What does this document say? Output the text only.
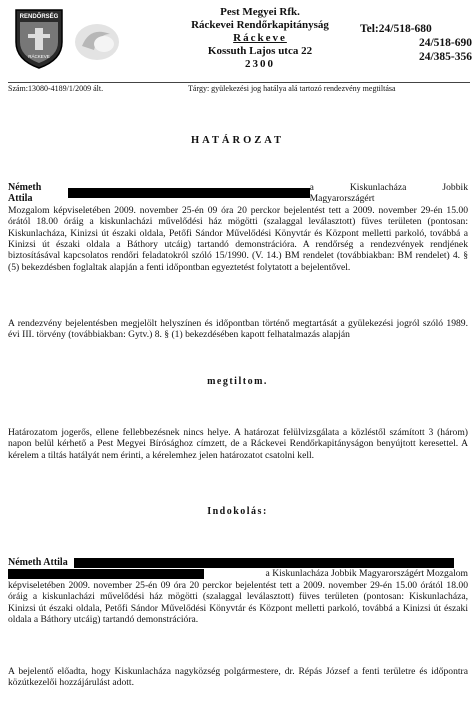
RENDŐRSÉG
RÁCKEVE
Pest Megyei Rfk.
Ráckevei Rendőrkapitányság
Ráckeve
Kossuth Lajos utca 22
2300
Tel:24/518-680
24/518-690
24/385-356
Szám:13080-4189/1/2009 ált.	Tárgy: gyülekezési jog hatálya alá tartozó rendezvény megtiltása
HATÁROZAT
Németh Attila
a Kiskunlacháza Jobbik Magyarországért
Mozgalom képviseletében 2009. november 25-én 09 óra 20 perckor bejelentést tett a 2009. november 29-én 15.00 órától 18.00 óráig a kiskunlacházi művelődési ház mögötti (szalaggal leválasztott) füves területen (pontosan: Kiskunlacháza, Kinizsi út északi oldala, Petőfi Sándor Művelődési Könyvtár és Központ melletti parkoló, továbbá a Kinizsi út északi oldala a Báthory utcáig) tartandó demonstrációra. A rendőrség a rendezvények rendjének biztosításával kapcsolatos rendőri feladatokról szóló 15/1990. (V. 14.) BM rendelet (továbbiakban: BM rendelet) 4. § (5) bekezdésben foglaltak alapján a fenti időpontban egyeztetést folytatott a bejelentővel.
A rendezvény bejelentésben megjelölt helyszínen és időpontban történő megtartását a gyülekezési jogról szóló 1989. évi III. törvény (továbbiakban: Gytv.) 8. § (1) bekezdésében kapott felhatalmazás alapján
megtiltom.
Határozatom jogerős, ellene fellebbezésnek nincs helye. A határozat felülvizsgálata a közléstől számított 3 (három) napon belül kérhető a Pest Megyei Bírósághoz címzett, de a Ráckevei Rendőrkapitányságon benyújtott keresettel. A kérelem a tiltás hatályát nem érinti, a kérelemhez jelen határozatot csatolni kell.
Indokolás:
Németh Attila
a Kiskunlacháza Jobbik Magyarországért Mozgalom
képviseletében 2009. november 25-én 09 óra 20 perckor bejelentést tett a 2009. november 29-én 15.00 órától 18.00 óráig a kiskunlacházi művelődési ház mögötti (szalaggal leválasztott) füves területen (pontosan: Kiskunlacháza, Kinizsi út északi oldala, Petőfi Sándor Művelődési Könyvtár és Központ melletti parkoló, továbbá a Kinizsi út északi oldala a Báthory utcáig) tartandó demonstrációra.
A bejelentő előadta, hogy Kiskunlacháza nagyközség polgármestere, dr. Répás József a fenti területre és időpontra közútkezelői hozzájárulást adott.
